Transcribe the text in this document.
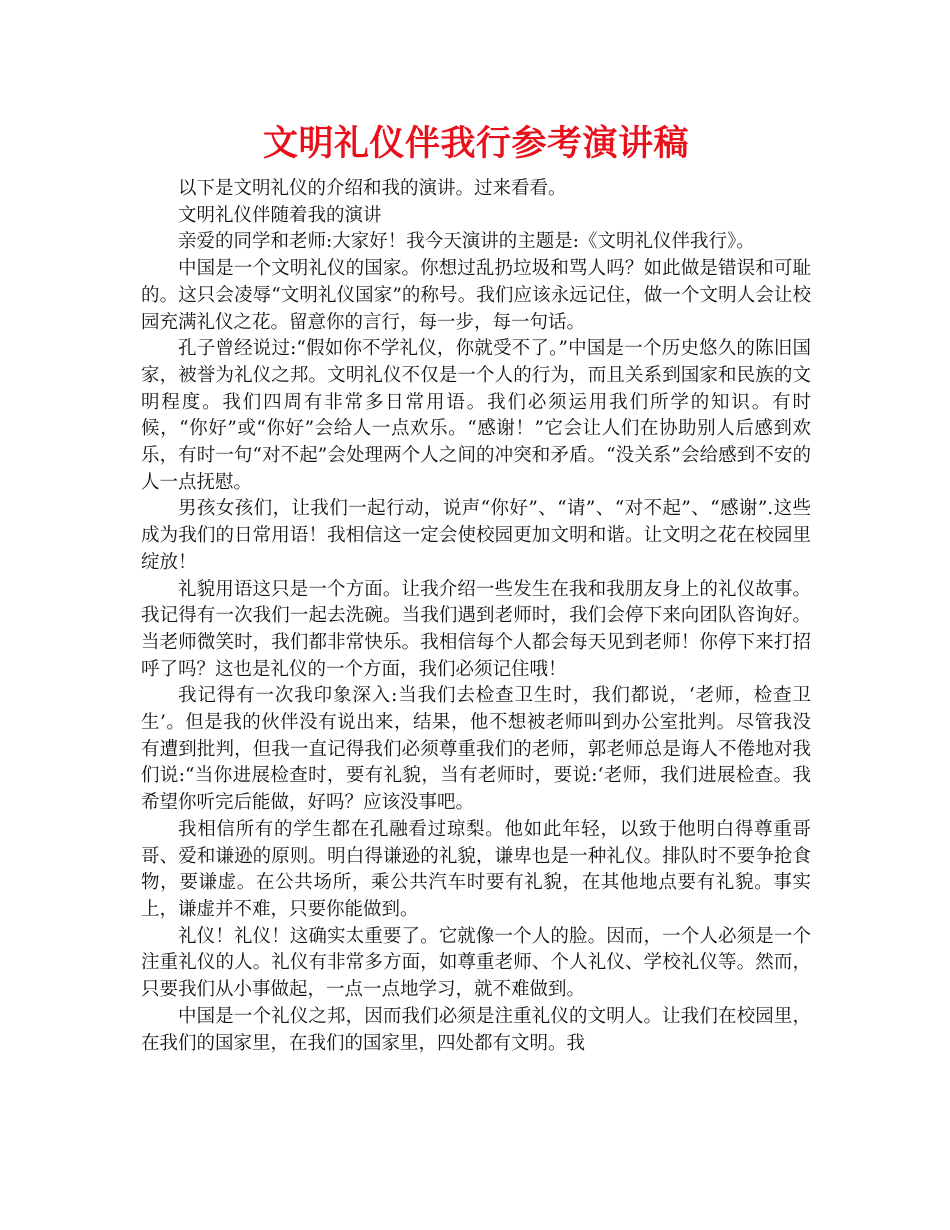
文明礼仪伴我行参考演讲稿

以下是文明礼仪的介绍和我的演讲。过来看看。

文明礼仪伴随着我的演讲

亲爱的同学和老师:大家好！我今天演讲的主题是:《文明礼仪伴我行》。

中国是一个文明礼仪的国家。你想过乱扔垃圾和骂人吗？如此做是错误和可耻的。这只会凌辱“文明礼仪国家”的称号。我们应该永远记住，做一个文明人会让校园充满礼仪之花。留意你的言行，每一步，每一句话。

孔子曾经说过:“假如你不学礼仪，你就受不了。”中国是一个历史悠久的陈旧国家，被誉为礼仪之邦。文明礼仪不仅是一个人的行为，而且关系到国家和民族的文明程度。我们四周有非常多日常用语。我们必须运用我们所学的知识。有时候，“你好”或“你好”会给人一点欢乐。“感谢！”它会让人们在协助别人后感到欢乐，有时一句“对不起”会处理两个人之间的冲突和矛盾。“没关系”会给感到不安的人一点抚慰。

男孩女孩们，让我们一起行动，说声“你好”、“请”、“对不起”、“感谢”.这些成为我们的日常用语！我相信这一定会使校园更加文明和谐。让文明之花在校园里绽放！

礼貌用语这只是一个方面。让我介绍一些发生在我和我朋友身上的礼仪故事。我记得有一次我们一起去洗碗。当我们遇到老师时，我们会停下来向团队咨询好。当老师微笑时，我们都非常快乐。我相信每个人都会每天见到老师！你停下来打招呼了吗？这也是礼仪的一个方面，我们必须记住哦！

我记得有一次我印象深入:当我们去检查卫生时，我们都说，‘老师，检查卫生’。但是我的伙伴没有说出来，结果，他不想被老师叫到办公室批判。尽管我没有遭到批判，但我一直记得我们必须尊重我们的老师，郭老师总是诲人不倦地对我们说:“当你进展检查时，要有礼貌，当有老师时，要说:‘老师，我们进展检查。我希望你听完后能做，好吗？应该没事吧。

我相信所有的学生都在孔融看过琼梨。他如此年轻，以致于他明白得尊重哥哥、爱和谦逊的原则。明白得谦逊的礼貌，谦卑也是一种礼仪。排队时不要争抢食物，要谦虚。在公共场所，乘公共汽车时要有礼貌，在其他地点要有礼貌。事实上，谦虚并不难，只要你能做到。

礼仪！礼仪！这确实太重要了。它就像一个人的脸。因而，一个人必须是一个注重礼仪的人。礼仪有非常多方面，如尊重老师、个人礼仪、学校礼仪等。然而，只要我们从小事做起，一点一点地学习，就不难做到。

中国是一个礼仪之邦，因而我们必须是注重礼仪的文明人。让我们在校园里，在我们的国家里，在我们的国家里，四处都有文明。我
